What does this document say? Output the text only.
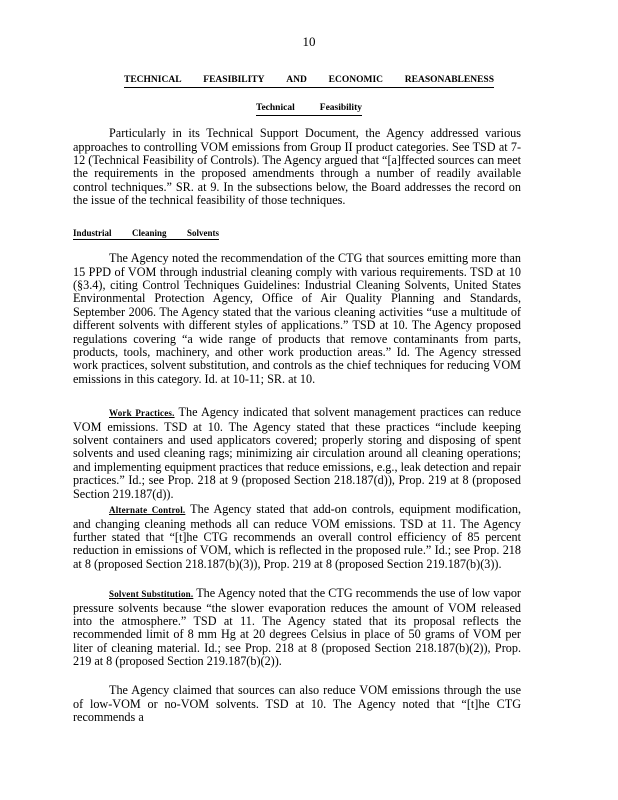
10
TECHNICAL FEASIBILITY AND ECONOMIC REASONABLENESS
Technical	Feasibility

Particularly in its Technical Support Document, the Agency addressed various approaches to controlling VOM emissions from Group II product categories. See TSD at 7-12 (Technical Feasibility of Controls). The Agency argued that “[a]ffected sources can meet the requirements in the proposed amendments through a number of readily available control techniques.” SR. at 9. In the subsections below, the Board addresses the record on the issue of the technical feasibility of those techniques.

Industrial Cleaning Solvents

The Agency noted the recommendation of the CTG that sources emitting more than 15 PPD of VOM through industrial cleaning comply with various requirements. TSD at 10 (§3.4), citing Control Techniques Guidelines: Industrial Cleaning Solvents, United States Environmental Protection Agency, Office of Air Quality Planning and Standards, September 2006. The Agency stated that the various cleaning activities “use a multitude of different solvents with different styles of applications.” TSD at 10. The Agency proposed regulations covering “a wide range of products that remove contaminants from parts, products, tools, machinery, and other work production areas.” Id. The Agency stressed work practices, solvent substitution, and controls as the chief techniques for reducing VOM emissions in this category. Id. at 10-11; SR. at 10.

Work Practices. The Agency indicated that solvent management practices can reduce VOM emissions. TSD at 10. The Agency stated that these practices “include keeping solvent containers and used applicators covered; properly storing and disposing of spent solvents and used cleaning rags; minimizing air circulation around all cleaning operations; and implementing equipment practices that reduce emissions, e.g., leak detection and repair practices.” Id.; see Prop. 218 at 9 (proposed Section 218.187(d)), Prop. 219 at 8 (proposed Section 219.187(d)).

Alternate Control. The Agency stated that add-on controls, equipment modification, and changing cleaning methods all can reduce VOM emissions. TSD at 11. The Agency further stated that “[t]he CTG recommends an overall control efficiency of 85 percent reduction in emissions of VOM, which is reflected in the proposed rule.” Id.; see Prop. 218 at 8 (proposed Section 218.187(b)(3)), Prop. 219 at 8 (proposed Section 219.187(b)(3)).

Solvent Substitution. The Agency noted that the CTG recommends the use of low vapor pressure solvents because “the slower evaporation reduces the amount of VOM released into the atmosphere.” TSD at 11. The Agency stated that its proposal reflects the recommended limit of 8 mm Hg at 20 degrees Celsius in place of 50 grams of VOM per liter of cleaning material. Id.; see Prop. 218 at 8 (proposed Section 218.187(b)(2)), Prop. 219 at 8 (proposed Section 219.187(b)(2)).

The Agency claimed that sources can also reduce VOM emissions through the use of low-VOM or no-VOM solvents. TSD at 10. The Agency noted that “[t]he CTG recommends a
